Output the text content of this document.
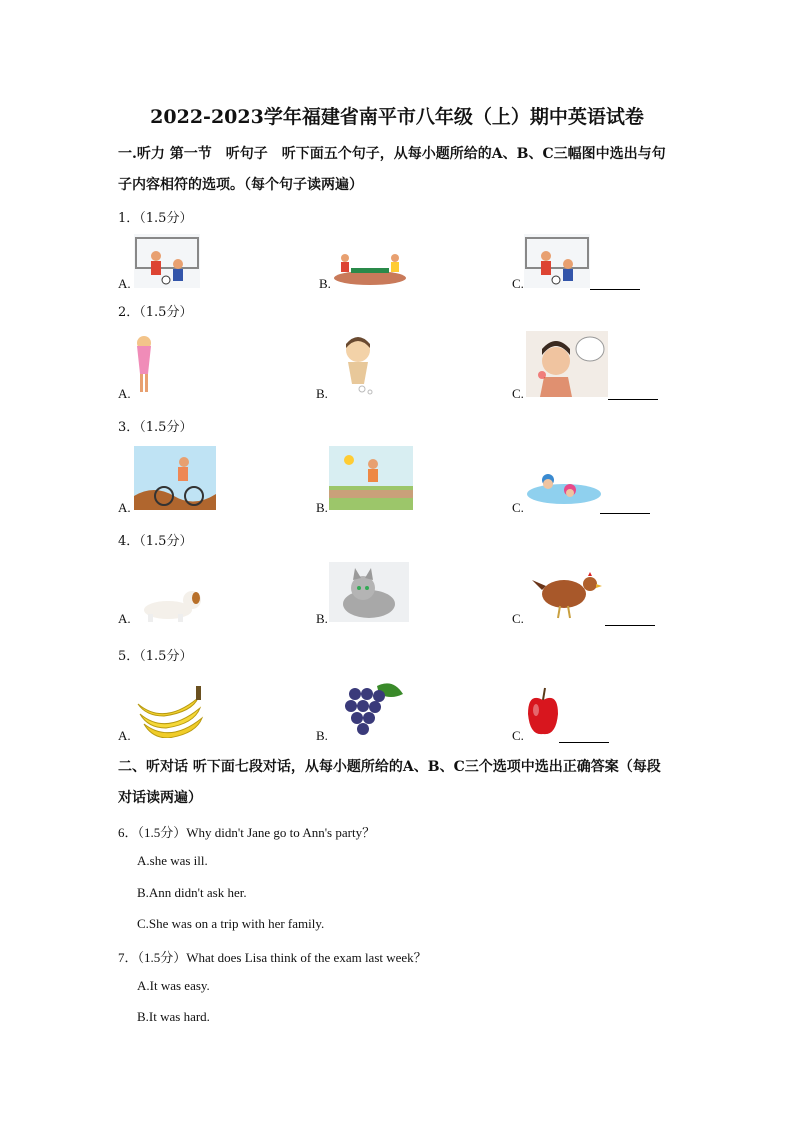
2022-2023学年福建省南平市八年级（上）期中英语试卷
一.听力 第一节　听句子　听下面五个句子，从每小题所给的A、B、C三幅图中选出与句
子内容相符的选项。（每个句子读两遍）
1．（1.5分）
A.	B.	C.
2．（1.5分）
A.	B.	C.
3．（1.5分）
A.	B.	C.
4．（1.5分）
A.	B.	C.
5．（1.5分）
A.	B.	C.
二、听对话 听下面七段对话，从每小题所给的A、B、C三个选项中选出正确答案（每段
对话读两遍）
6．（1.5分）Why didn't Jane go to Ann's party？
A.she was ill.
B.Ann didn't ask her.
C.She was on a trip with her family.
7．（1.5分）What does Lisa think of the exam last week？
A.It was easy.
B.It was hard.
